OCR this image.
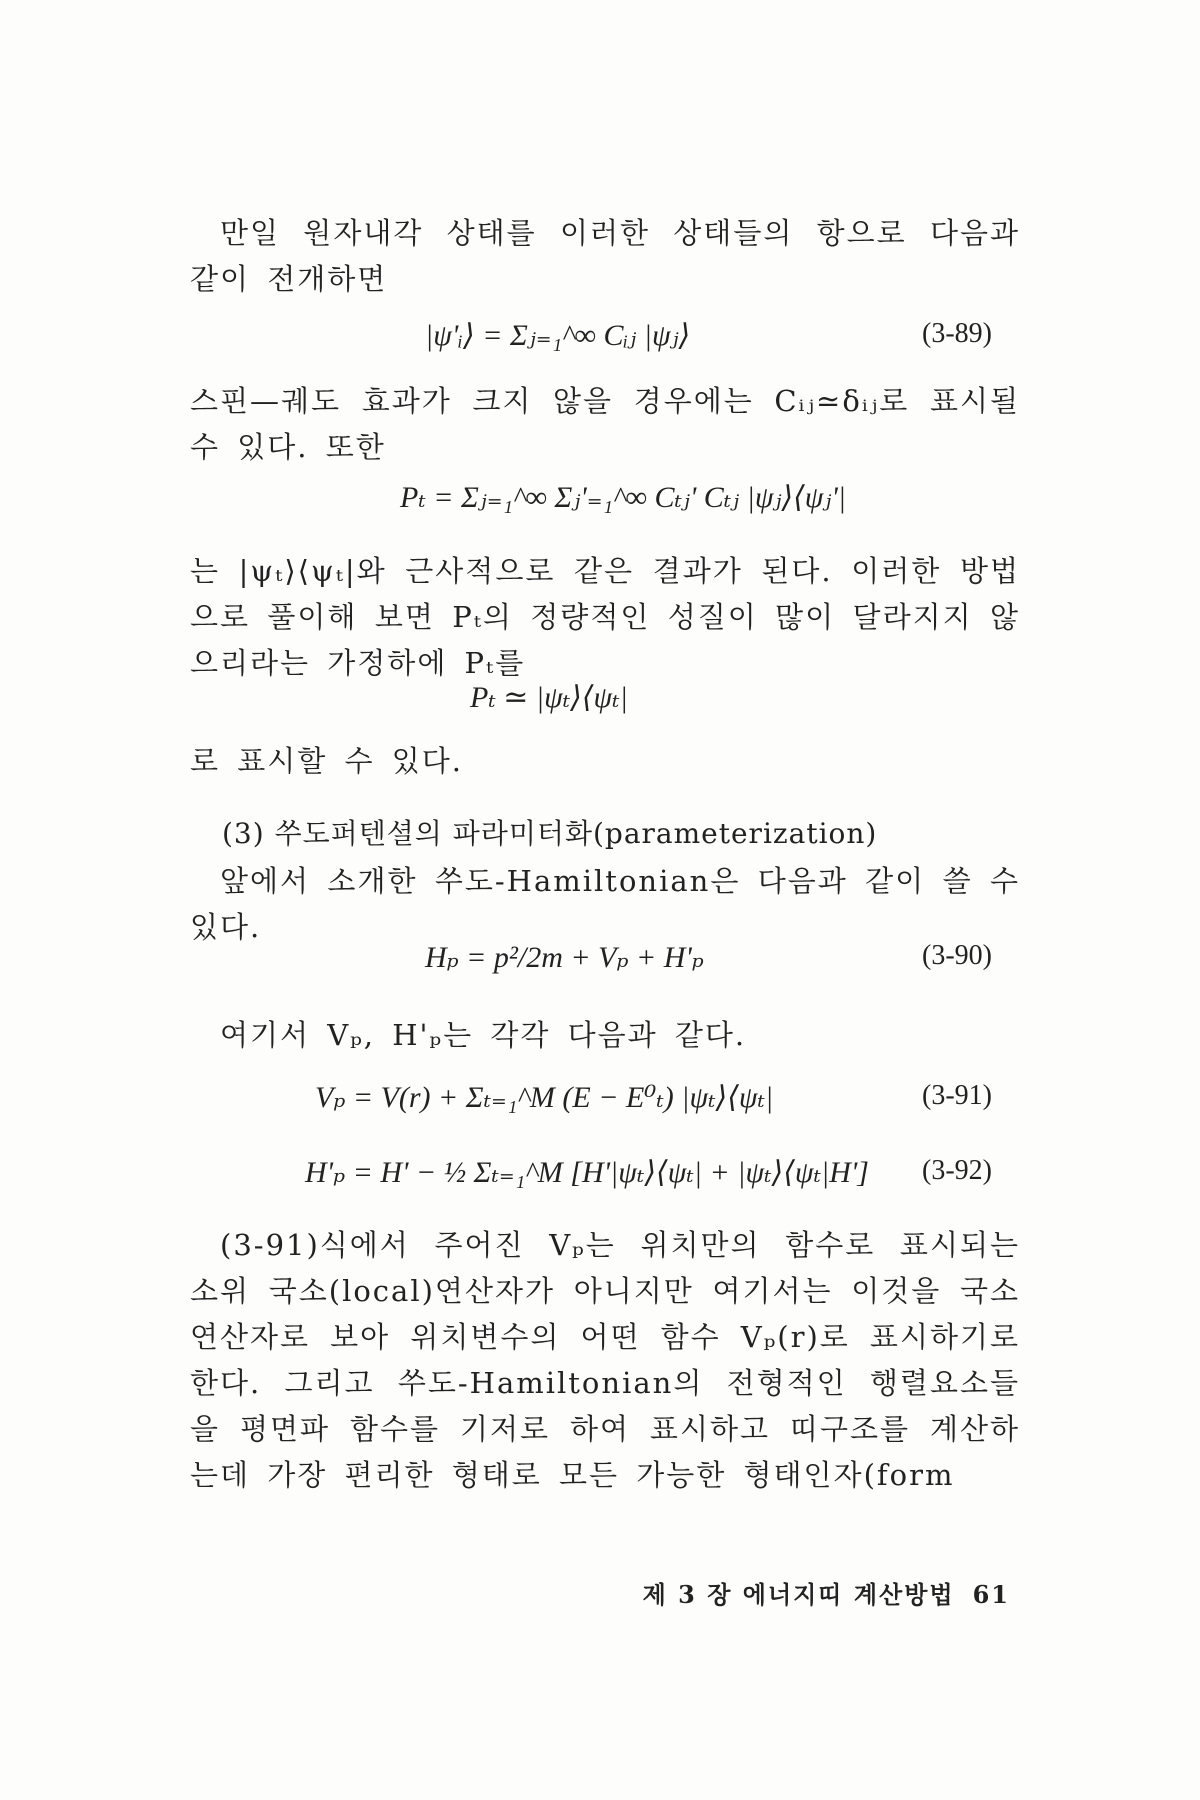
만일 원자내각 상태를 이러한 상태들의 항으로 다음과 같이 전개하면
|ψ'ᵢ⟩ = Σⱼ₌₁^∞ Cᵢⱼ |ψⱼ⟩	(3-89)
스핀—궤도 효과가 크지 않을 경우에는 Cᵢⱼ≃δᵢⱼ로 표시될 수 있다. 또한
Pₜ = Σⱼ₌₁^∞ Σⱼ'₌₁^∞ Cₜⱼ' Cₜⱼ |ψⱼ⟩⟨ψⱼ'|
는 |ψₜ⟩⟨ψₜ|와 근사적으로 같은 결과가 된다. 이러한 방법으로 풀이해 보면 Pₜ의 정량적인 성질이 많이 달라지지 않으리라는 가정하에 Pₜ를
Pₜ ≃ |ψₜ⟩⟨ψₜ|
로 표시할 수 있다.
(3) 쑤도퍼텐셜의 파라미터화(parameterization)
앞에서 소개한 쑤도-Hamiltonian은 다음과 같이 쓸 수 있다.
Hₚ = p²/2m + Vₚ + H'ₚ	(3-90)
여기서 Vₚ, H'ₚ는 각각 다음과 같다.
Vₚ = V(r) + Σₜ₌₁^M (E − E⁰ₜ) |ψₜ⟩⟨ψₜ|	(3-91)
H'ₚ = H' − ½ Σₜ₌₁^M [H'|ψₜ⟩⟨ψₜ| + |ψₜ⟩⟨ψₜ|H'] (3-92)
(3-91)식에서 주어진 Vₚ는 위치만의 함수로 표시되는 소위 국소(local)연산자가 아니지만 여기서는 이것을 국소연산자로 보아 위치변수의 어떤 함수 Vₚ(r)로 표시하기로 한다. 그리고 쑤도-Hamiltonian의 전형적인 행렬요소들을 평면파 함수를 기저로 하여 표시하고 띠구조를 계산하는데 가장 편리한 형태로 모든 가능한 형태인자(form
제 3 장 에너지띠 계산방법 61
